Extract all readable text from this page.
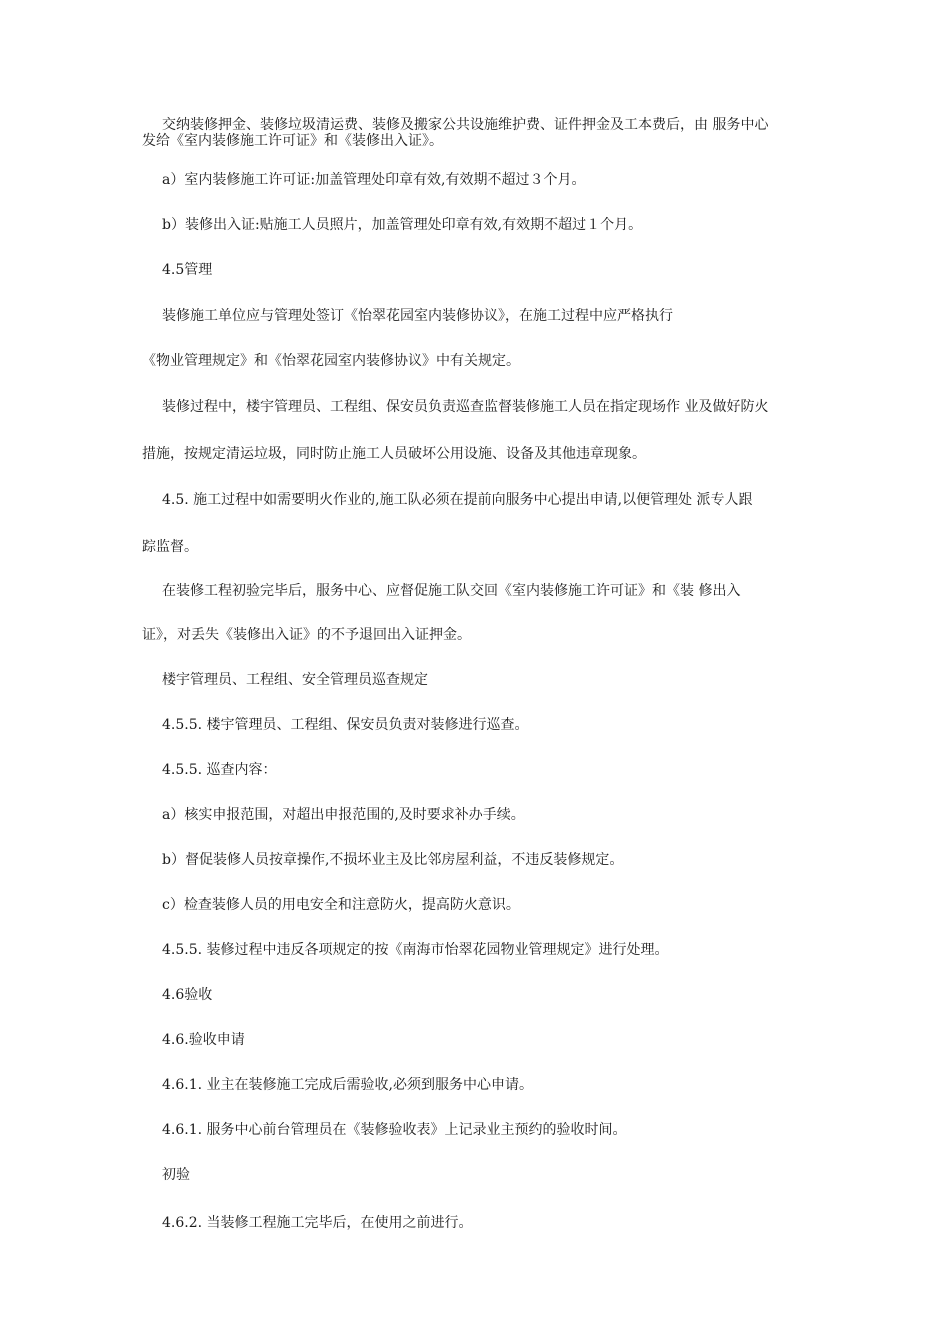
交纳装修押金、装修垃圾清运费、装修及搬家公共设施维护费、证件押金及工本费后，由 服务中心
发给《室内装修施工许可证》和《装修出入证》。
a）室内装修施工许可证:加盖管理处印章有效,有效期不超过３个月。
b）装修出入证:贴施工人员照片，加盖管理处印章有效,有效期不超过１个月。
4.5管理
装修施工单位应与管理处签订《怡翠花园室内装修协议》，在施工过程中应严格执行
《物业管理规定》和《怡翠花园室内装修协议》中有关规定。
装修过程中，楼宇管理员、工程组、保安员负责巡查监督装修施工人员在指定现场作 业及做好防火
措施，按规定清运垃圾，同时防止施工人员破坏公用设施、设备及其他违章现象。
4.5. 施工过程中如需要明火作业的,施工队必须在提前向服务中心提出申请,以便管理处 派专人跟
踪监督。
在装修工程初验完毕后，服务中心、应督促施工队交回《室内装修施工许可证》和《装 修出入
证》，对丢失《装修出入证》的不予退回出入证押金。
楼宇管理员、工程组、安全管理员巡查规定
4.5.5. 楼宇管理员、工程组、保安员负责对装修进行巡查。
4.5.5. 巡查内容：
a）核实申报范围，对超出申报范围的,及时要求补办手续。
b）督促装修人员按章操作,不损坏业主及比邻房屋利益，不违反装修规定。
c）检查装修人员的用电安全和注意防火，提高防火意识。
4.5.5. 装修过程中违反各项规定的按《南海市怡翠花园物业管理规定》进行处理。
4.6验收
4.6.验收申请
4.6.1. 业主在装修施工完成后需验收,必须到服务中心申请。
4.6.1. 服务中心前台管理员在《装修验收表》上记录业主预约的验收时间。
初验
4.6.2. 当装修工程施工完毕后，在使用之前进行。
